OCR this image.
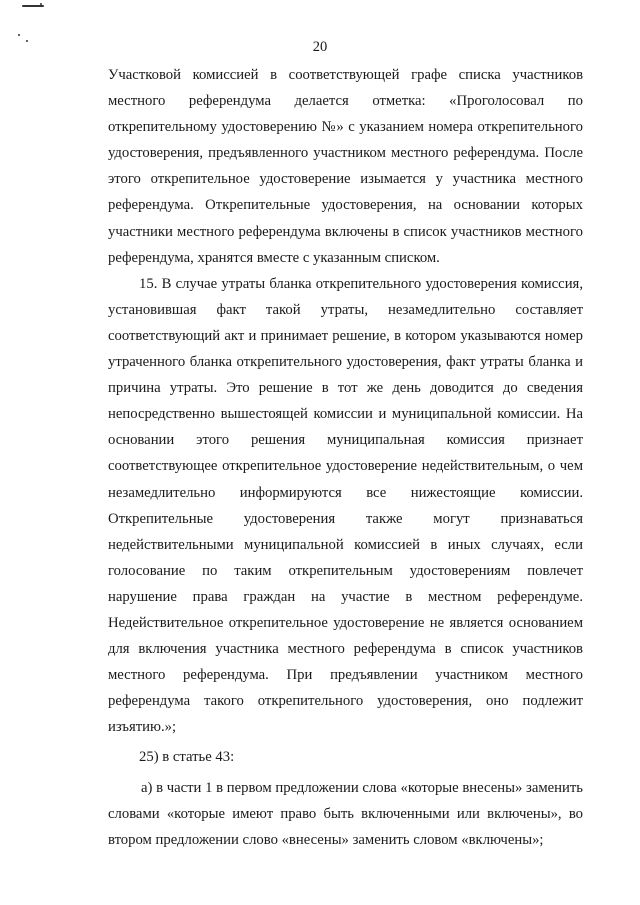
20

Участковой комиссией в соответствующей графе списка участников местного референдума делается отметка: «Проголосовал по открепительному удостоверению №» с указанием номера открепительного удостоверения, предъявленного участником местного референдума. После этого открепительное удостоверение изымается у участника местного референдума. Открепительные удостоверения, на основании которых участники местного референдума включены в список участников местного референдума, хранятся вместе с указанным списком.

15. В случае утраты бланка открепительного удостоверения комиссия, установившая факт такой утраты, незамедлительно составляет соответствующий акт и принимает решение, в котором указываются номер утраченного бланка открепительного удостоверения, факт утраты бланка и причина утраты. Это решение в тот же день доводится до сведения непосредственно вышестоящей комиссии и муниципальной комиссии. На основании этого решения муниципальная комиссия признает соответствующее открепительное удостоверение недействительным, о чем незамедлительно информируются все нижестоящие комиссии. Открепительные удостоверения также могут признаваться недействительными муниципальной комиссией в иных случаях, если голосование по таким открепительным удостоверениям повлечет нарушение права граждан на участие в местном референдуме. Недействительное открепительное удостоверение не является основанием для включения участника местного референдума в список участников местного референдума. При предъявлении участником местного референдума такого открепительного удостоверения, оно подлежит изъятию.»;

25) в статье 43:

а) в части 1 в первом предложении слова «которые внесены» заменить словами «которые имеют право быть включенными или включены», во втором предложении слово «внесены» заменить словом «включены»;
